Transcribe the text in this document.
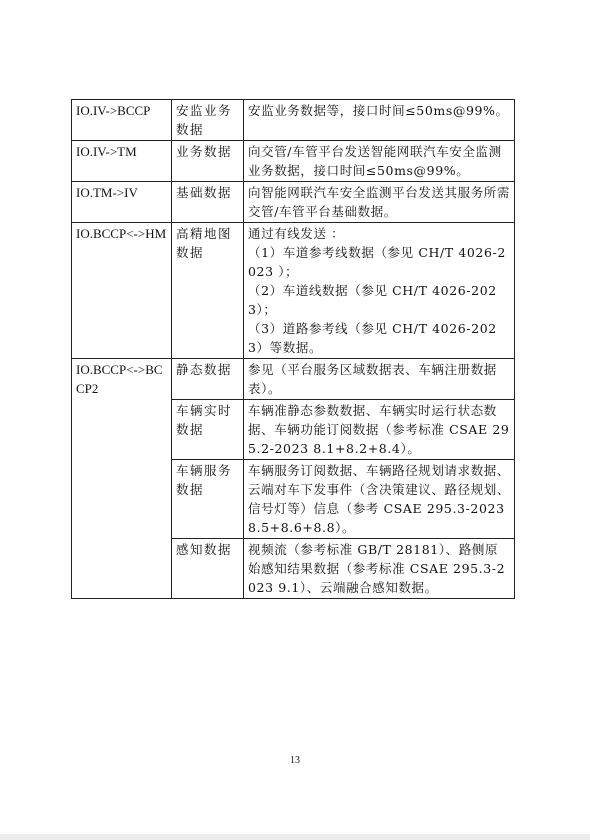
IO.IV->BCCP	安监业务数据	安监业务数据等，接口时间≤50ms@99%。
IO.IV->TM	业务数据	向交管/车管平台发送智能网联汽车安全监测业务数据，接口时间≤50ms@99%。
IO.TM->IV	基础数据	向智能网联汽车安全监测平台发送其服务所需交管/车管平台基础数据。
IO.BCCP<->HM	高精地图数据	通过有线发送 ：
（1）车道参考线数据（参见 CH/T 4026-2023 ）；
（2）车道线数据（参见 CH/T 4026-2023）；
（3）道路参考线（参见 CH/T 4026-2023）等数据。

IO.BCCP<->BCCP2	静态数据	参见（平台服务区域数据表、车辆注册数据表）。
	车辆实时数据	车辆准静态参数数据、车辆实时运行状态数据、车辆功能订阅数据（参考标准 CSAE 295.2-2023 8.1+8.2+8.4）。
	车辆服务数据	车辆服务订阅数据、车辆路径规划请求数据、云端对车下发事件（含决策建议、路径规划、信号灯等）信息（参考 CSAE 295.3-2023 8.5+8.6+8.8）。
	感知数据	视频流（参考标准 GB/T 28181）、路侧原始感知结果数据（参考标准 CSAE 295.3-2023 9.1）、云端融合感知数据。
13
